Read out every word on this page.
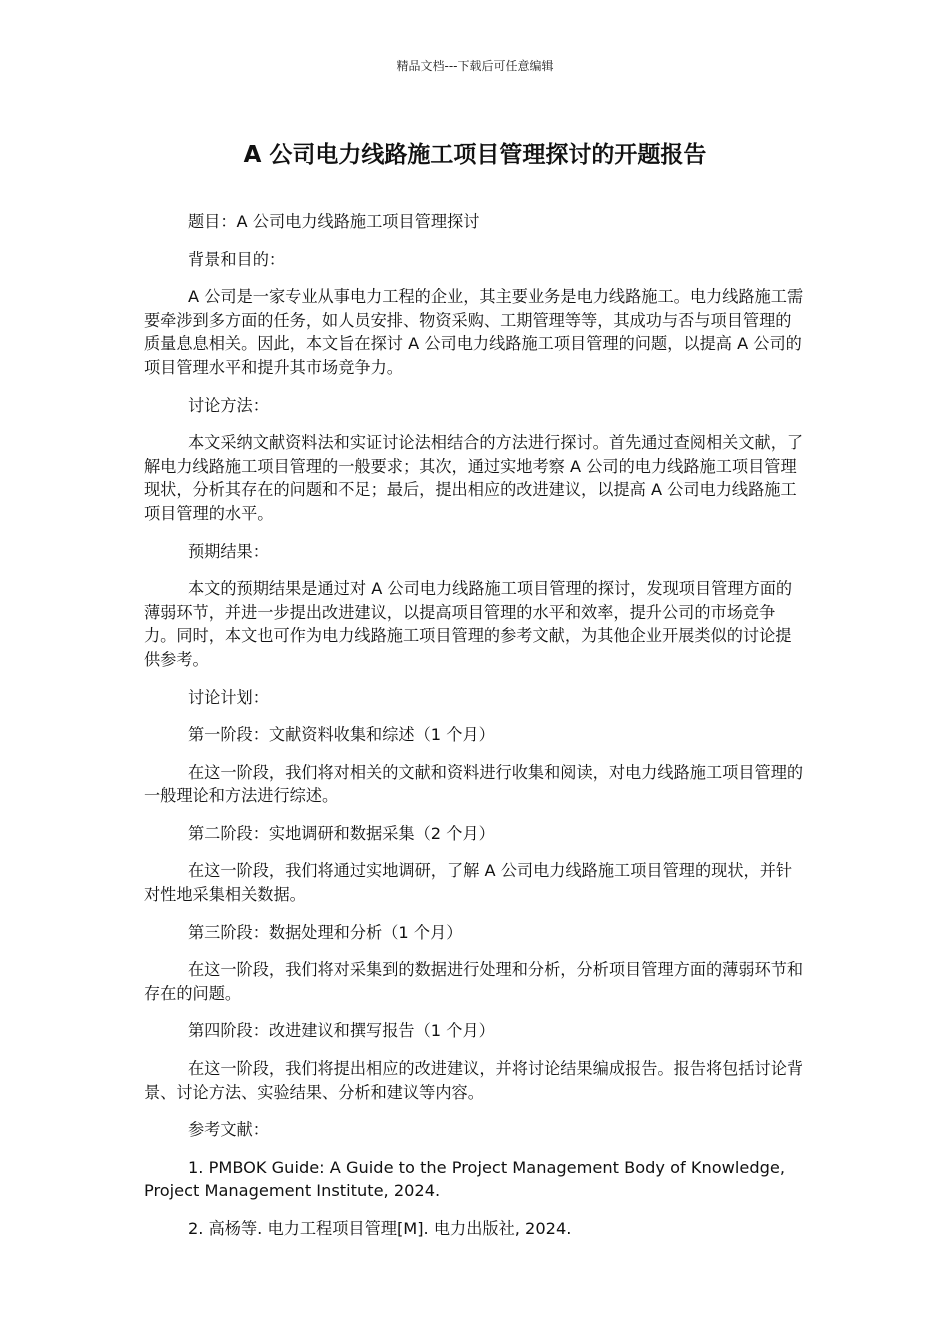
精品文档---下载后可任意编辑
A 公司电力线路施工项目管理探讨的开题报告

题目：A 公司电力线路施工项目管理探讨

背景和目的：

A 公司是一家专业从事电力工程的企业，其主要业务是电力线路施工。电力线路施工需要牵涉到多方面的任务，如人员安排、物资采购、工期管理等等，其成功与否与项目管理的质量息息相关。因此，本文旨在探讨 A 公司电力线路施工项目管理的问题，以提高 A 公司的项目管理水平和提升其市场竞争力。

讨论方法：

本文采纳文献资料法和实证讨论法相结合的方法进行探讨。首先通过查阅相关文献，了解电力线路施工项目管理的一般要求；其次，通过实地考察 A 公司的电力线路施工项目管理现状，分析其存在的问题和不足；最后，提出相应的改进建议，以提高 A 公司电力线路施工项目管理的水平。

预期结果：

本文的预期结果是通过对 A 公司电力线路施工项目管理的探讨，发现项目管理方面的薄弱环节，并进一步提出改进建议，以提高项目管理的水平和效率，提升公司的市场竞争力。同时，本文也可作为电力线路施工项目管理的参考文献，为其他企业开展类似的讨论提供参考。

讨论计划：

第一阶段：文献资料收集和综述（1 个月）

在这一阶段，我们将对相关的文献和资料进行收集和阅读，对电力线路施工项目管理的一般理论和方法进行综述。

第二阶段：实地调研和数据采集（2 个月）

在这一阶段，我们将通过实地调研，了解 A 公司电力线路施工项目管理的现状，并针对性地采集相关数据。

第三阶段：数据处理和分析（1 个月）

在这一阶段，我们将对采集到的数据进行处理和分析，分析项目管理方面的薄弱环节和存在的问题。

第四阶段：改进建议和撰写报告（1 个月）

在这一阶段，我们将提出相应的改进建议，并将讨论结果编成报告。报告将包括讨论背景、讨论方法、实验结果、分析和建议等内容。

参考文献：

1. PMBOK Guide: A Guide to the Project Management Body of Knowledge, Project Management Institute, 2024.

2. 高杨等. 电力工程项目管理[M]. 电力出版社, 2024.
